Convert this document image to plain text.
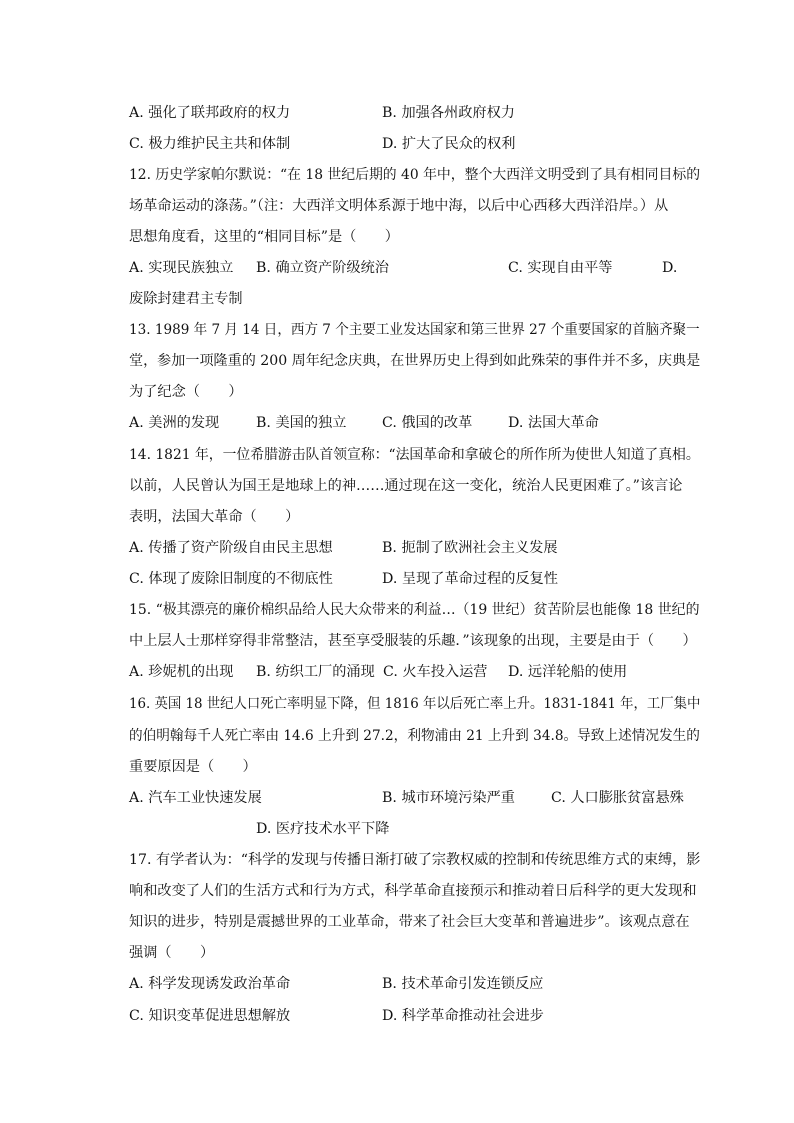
A. 强化了联邦政府的权力	B. 加强各州政府权力
C. 极力维护民主共和体制	D. 扩大了民众的权利

12. 历史学家帕尔默说：“在 18 世纪后期的 40 年中，整个大西洋文明受到了具有相同目标的

场革命运动的涤荡。”（注：大西洋文明体系源于地中海，以后中心西移大西洋沿岸。）从

思想角度看，这里的“相同目标”是（　　）

A. 实现民族独立 B. 确立资产阶级统治	C. 实现自由平等	D.
废除封建君主专制

13. 1989 年 7 月 14 日，西方 7 个主要工业发达国家和第三世界 27 个重要国家的首脑齐聚一

堂，参加一项隆重的 200 周年纪念庆典，在世界历史上得到如此殊荣的事件并不多，庆典是

为了纪念（　　）

A. 美洲的发现	B. 美国的独立	C. 俄国的改革	D. 法国大革命

14. 1821 年，一位希腊游击队首领宣称：“法国革命和拿破仑的所作所为使世人知道了真相。

以前，人民曾认为国王是地球上的神……通过现在这一变化，统治人民更困难了。”该言论

表明，法国大革命（　　）

A. 传播了资产阶级自由民主思想	B. 扼制了欧洲社会主义发展
C. 体现了废除旧制度的不彻底性	D. 呈现了革命过程的反复性

15. “极其漂亮的廉价棉织品给人民大众带来的利益…（19 世纪）贫苦阶层也能像 18 世纪的

中上层人士那样穿得非常整洁，甚至享受服装的乐趣．”该现象的出现，主要是由于（　　）

A. 珍妮机的出现 B. 纺织工厂的涌现 C. 火车投入运营 D. 远洋轮船的使用

16. 英国 18 世纪人口死亡率明显下降，但 1816 年以后死亡率上升。1831-1841 年，工厂集中

的伯明翰每千人死亡率由 14.6 上升到 27.2，利物浦由 21 上升到 34.8。导致上述情况发生的

重要原因是（　　）

A. 汽车工业快速发展	B. 城市环境污染严重	C. 人口膨胀贫富悬殊
D. 医疗技术水平下降

17. 有学者认为：“科学的发现与传播日渐打破了宗教权威的控制和传统思维方式的束缚，影

响和改变了人们的生活方式和行为方式，科学革命直接预示和推动着日后科学的更大发现和

知识的进步，特别是震撼世界的工业革命，带来了社会巨大变革和普遍进步”。该观点意在

强调（　　）

A. 科学发现诱发政治革命	B. 技术革命引发连锁反应
C. 知识变革促进思想解放	D. 科学革命推动社会进步
